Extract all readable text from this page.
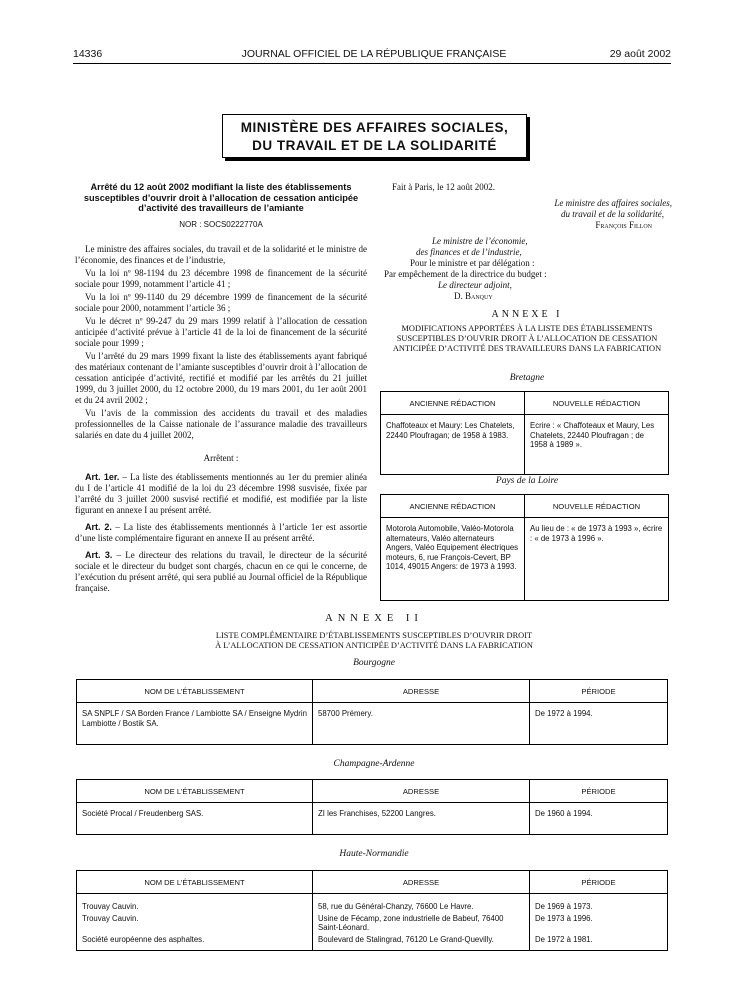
14336	JOURNAL OFFICIEL DE LA RÉPUBLIQUE FRANÇAISE	29 août 2002
MINISTÈRE DES AFFAIRES SOCIALES,
DU TRAVAIL ET DE LA SOLIDARITÉ
Arrêté du 12 août 2002 modifiant la liste des établissements susceptibles d’ouvrir droit à l’allocation de cessation anticipée d’activité des travailleurs de l’amiante
NOR : SOCS0222770A

Le ministre des affaires sociales, du travail et de la solidarité et le ministre de l’économie, des finances et de l’industrie,

Vu la loi nº 98-1194 du 23 décembre 1998 de financement de la sécurité sociale pour 1999, notamment l’article 41 ;

Vu la loi nº 99-1140 du 29 décembre 1999 de financement de la sécurité sociale pour 2000, notamment l’article 36 ;

Vu le décret nº 99-247 du 29 mars 1999 relatif à l’allocation de cessation anticipée d’activité prévue à l’article 41 de la loi de financement de la sécurité sociale pour 1999 ;

Vu l’arrêté du 29 mars 1999 fixant la liste des établissements ayant fabriqué des matériaux contenant de l’amiante susceptibles d’ouvrir droit à l’allocation de cessation anticipée d’activité, rectifié et modifié par les arrêtés du 21 juillet 1999, du 3 juillet 2000, du 12 octobre 2000, du 19 mars 2001, du 1er août 2001 et du 24 avril 2002 ;

Vu l’avis de la commission des accidents du travail et des maladies professionnelles de la Caisse nationale de l’assurance maladie des travailleurs salariés en date du 4 juillet 2002,

Arrêtent :

Art. 1er. – La liste des établissements mentionnés au 1er du premier alinéa du I de l’article 41 modifié de la loi du 23 décembre 1998 susvisée, fixée par l’arrêté du 3 juillet 2000 susvisé rectifié et modifié, est modifiée par la liste figurant en annexe I au présent arrêté.

Art. 2. – La liste des établissements mentionnés à l’article 1er est assortie d’une liste complémentaire figurant en annexe II au présent arrêté.

Art. 3. – Le directeur des relations du travail, le directeur de la sécurité sociale et le directeur du budget sont chargés, chacun en ce qui le concerne, de l’exécution du présent arrêté, qui sera publié au Journal officiel de la République française.

Fait à Paris, le 12 août 2002.
Le ministre des affaires sociales,
du travail et de la solidarité,
François Fillon
Le ministre de l’économie,
des finances et de l’industrie,
Pour le ministre et par délégation :
Par empêchement de la directrice du budget :
Le directeur adjoint,
D. Banquy
ANNEXE I
MODIFICATIONS APPORTÉES À LA LISTE DES ÉTABLISSEMENTS SUSCEPTIBLES D’OUVRIR DROIT À L’ALLOCATION DE CESSATION ANTICIPÉE D’ACTIVITÉ DES TRAVAILLEURS DANS LA FABRICATION
Bretagne
ANCIENNE RÉDACTION	NOUVELLE RÉDACTION
Chaffoteaux et Maury: Les Chatelets, 22440 Ploufragan; de 1958 à 1983.	Ecrire : « Chaffoteaux et Maury, Les Chatelets, 22440 Ploufragan ; de 1958 à 1989 ».
Pays de la Loire
ANCIENNE RÉDACTION	NOUVELLE RÉDACTION
Motorola Automobile, Valéo-Motorola alternateurs, Valéo alternateurs Angers, Valéo Equipement électriques moteurs, 6, rue François-Cevert, BP 1014, 49015 Angers: de 1973 à 1993.	Au lieu de : « de 1973 à 1993 », écrire : « de 1973 à 1996 ».
ANNEXE II
LISTE COMPLÉMENTAIRE D’ÉTABLISSEMENTS SUSCEPTIBLES D’OUVRIR DROIT
À L’ALLOCATION DE CESSATION ANTICIPÉE D’ACTIVITÉ DANS LA FABRICATION
Bourgogne
NOM DE L’ÉTABLISSEMENT	ADRESSE	PÉRIODE
SA SNPLF / SA Borden France / Lambiotte SA / Enseigne Mydrin Lambiotte / Bostik SA.	58700 Prémery.	De 1972 à 1994.
Champagne-Ardenne
NOM DE L’ÉTABLISSEMENT	ADRESSE	PÉRIODE
Société Procal / Freudenberg SAS.	ZI les Franchises, 52200 Langres.	De 1960 à 1994.
Haute-Normandie
NOM DE L’ÉTABLISSEMENT	ADRESSE	PÉRIODE
Trouvay Cauvin.	58, rue du Général-Chanzy, 76600 Le Havre.	De 1969 à 1973.
Trouvay Cauvin.	Usine de Fécamp, zone industrielle de Babeuf, 76400 Saint-Léonard.	De 1973 à 1996.
Société européenne des asphaltes.	Boulevard de Stalingrad, 76120 Le Grand-Quevilly.	De 1972 à 1981.
